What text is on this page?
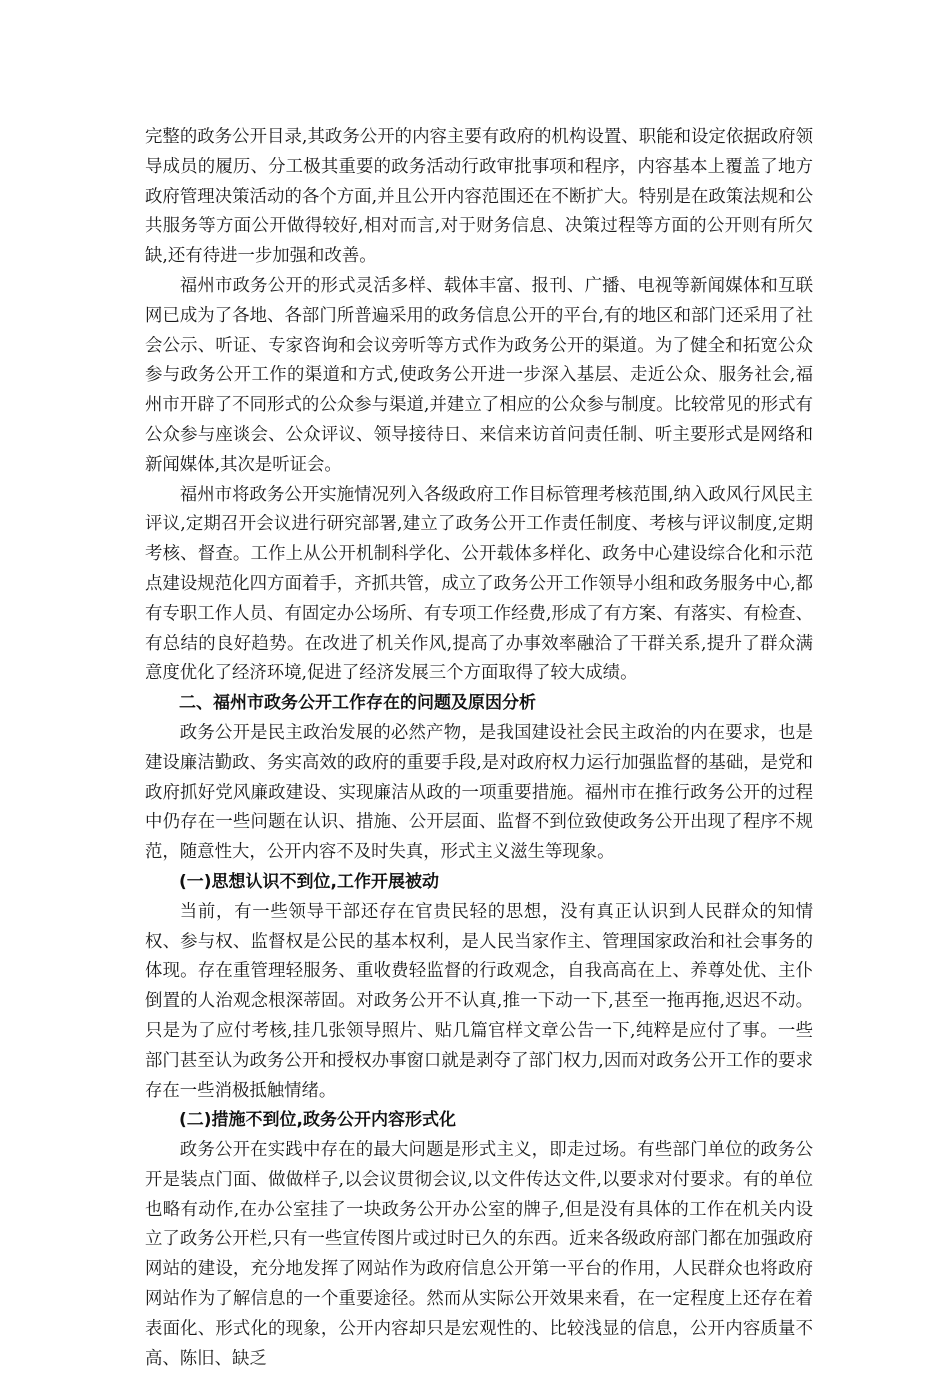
完整的政务公开目录,其政务公开的内容主要有政府的机构设置、职能和设定依据政府领导成员的履历、分工极其重要的政务活动行政审批事项和程序，内容基本上覆盖了地方政府管理决策活动的各个方面,并且公开内容范围还在不断扩大。特别是在政策法规和公共服务等方面公开做得较好,相对而言,对于财务信息、决策过程等方面的公开则有所欠缺,还有待进一步加强和改善。

福州市政务公开的形式灵活多样、载体丰富、报刊、广播、电视等新闻媒体和互联网已成为了各地、各部门所普遍采用的政务信息公开的平台,有的地区和部门还采用了社会公示、听证、专家咨询和会议旁听等方式作为政务公开的渠道。为了健全和拓宽公众参与政务公开工作的渠道和方式,使政务公开进一步深入基层、走近公众、服务社会,福州市开辟了不同形式的公众参与渠道,并建立了相应的公众参与制度。比较常见的形式有公众参与座谈会、公众评议、领导接待日、来信来访首问责任制、听主要形式是网络和新闻媒体,其次是听证会。

福州市将政务公开实施情况列入各级政府工作目标管理考核范围,纳入政风行风民主评议,定期召开会议进行研究部署,建立了政务公开工作责任制度、考核与评议制度,定期考核、督查。工作上从公开机制科学化、公开载体多样化、政务中心建设综合化和示范点建设规范化四方面着手，齐抓共管，成立了政务公开工作领导小组和政务服务中心,都有专职工作人员、有固定办公场所、有专项工作经费,形成了有方案、有落实、有检查、有总结的良好趋势。在改进了机关作风,提高了办事效率融洽了干群关系,提升了群众满意度优化了经济环境,促进了经济发展三个方面取得了较大成绩。

二、福州市政务公开工作存在的问题及原因分析

政务公开是民主政治发展的必然产物，是我国建设社会民主政治的内在要求，也是建设廉洁勤政、务实高效的政府的重要手段,是对政府权力运行加强监督的基础，是党和政府抓好党风廉政建设、实现廉洁从政的一项重要措施。福州市在推行政务公开的过程中仍存在一些问题在认识、措施、公开层面、监督不到位致使政务公开出现了程序不规范，随意性大，公开内容不及时失真，形式主义滋生等现象。

(一)思想认识不到位,工作开展被动

当前，有一些领导干部还存在官贵民轻的思想，没有真正认识到人民群众的知情权、参与权、监督权是公民的基本权利，是人民当家作主、管理国家政治和社会事务的体现。存在重管理轻服务、重收费轻监督的行政观念，自我高高在上、养尊处优、主仆倒置的人治观念根深蒂固。对政务公开不认真,推一下动一下,甚至一拖再拖,迟迟不动。只是为了应付考核,挂几张领导照片、贴几篇官样文章公告一下,纯粹是应付了事。一些部门甚至认为政务公开和授权办事窗口就是剥夺了部门权力,因而对政务公开工作的要求存在一些消极抵触情绪。

(二)措施不到位,政务公开内容形式化

政务公开在实践中存在的最大问题是形式主义，即走过场。有些部门单位的政务公开是装点门面、做做样子,以会议贯彻会议,以文件传达文件,以要求对付要求。有的单位也略有动作,在办公室挂了一块政务公开办公室的牌子,但是没有具体的工作在机关内设立了政务公开栏,只有一些宣传图片或过时已久的东西。近来各级政府部门都在加强政府网站的建设，充分地发挥了网站作为政府信息公开第一平台的作用，人民群众也将政府网站作为了解信息的一个重要途径。然而从实际公开效果来看，在一定程度上还存在着表面化、形式化的现象，公开内容却只是宏观性的、比较浅显的信息，公开内容质量不高、陈旧、缺乏
